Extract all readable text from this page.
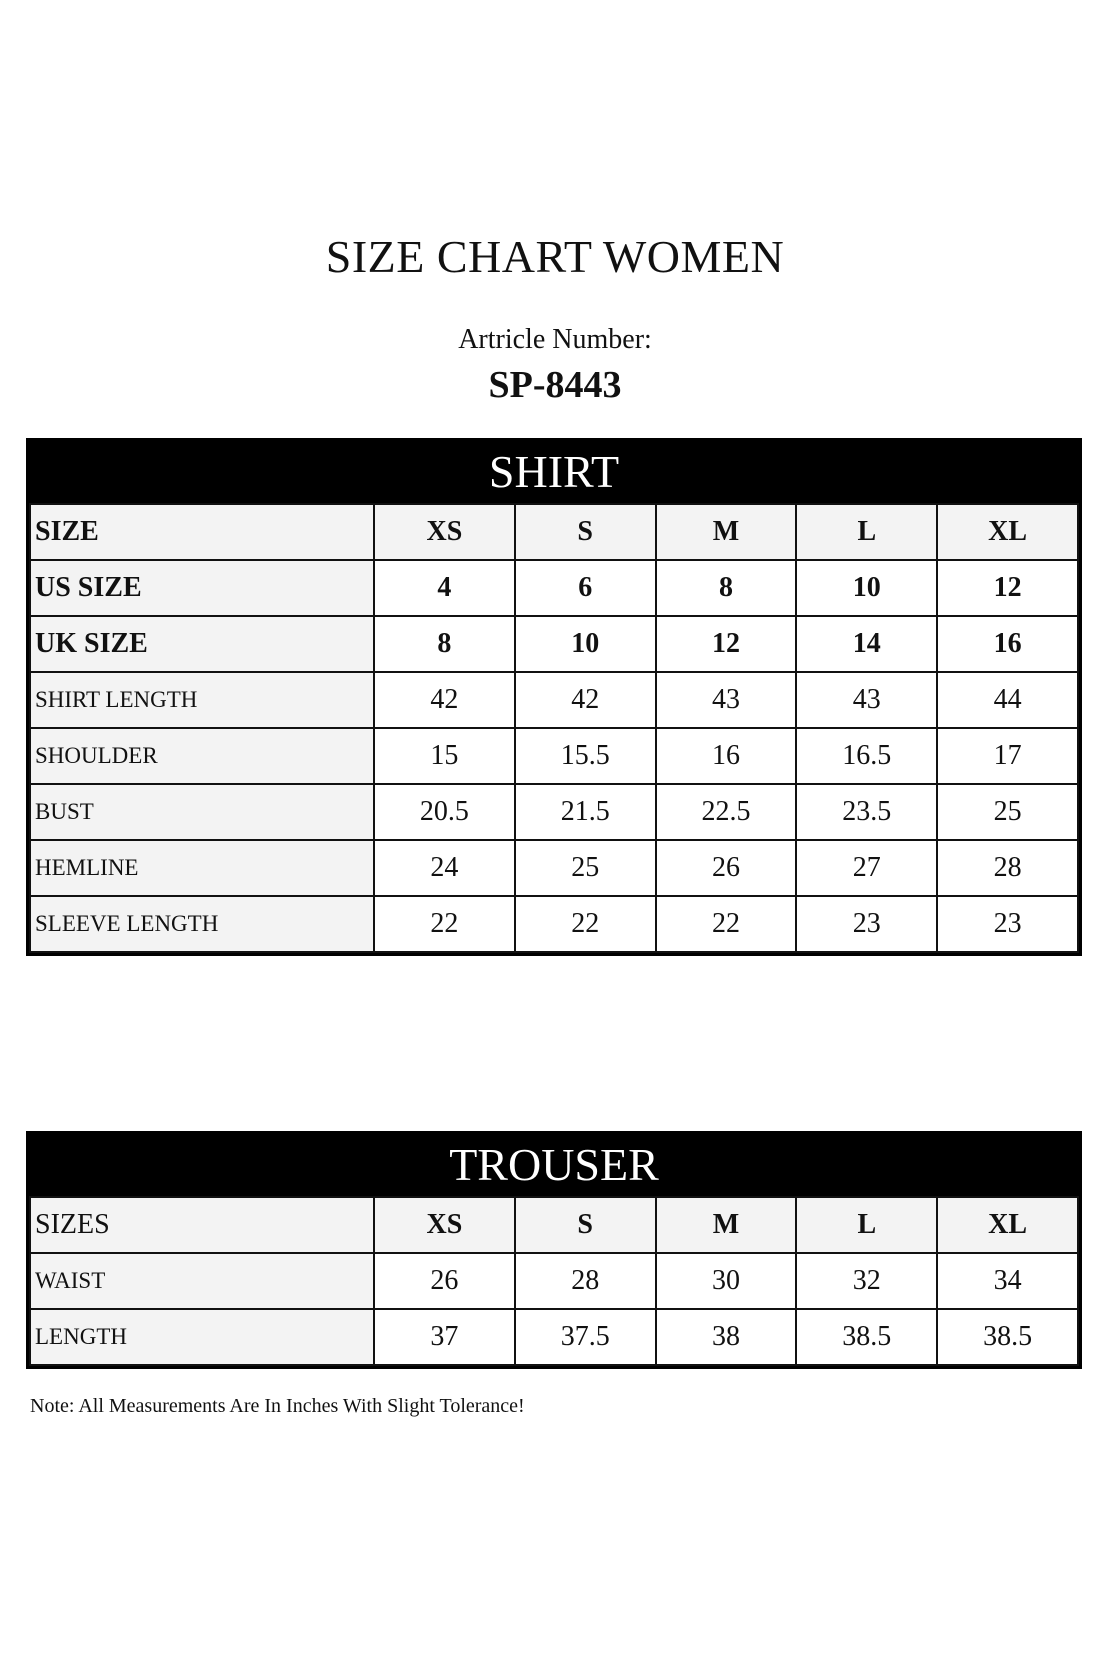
SIZE CHART WOMEN
Artricle Number:
SP-8443
SHIRT
SIZE	XS	S	M	L	XL
US SIZE	4	6	8	10	12
UK SIZE	8	10	12	14	16
SHIRT LENGTH	42	42	43	43	44
SHOULDER	15	15.5	16	16.5	17
BUST	20.5	21.5	22.5	23.5	25
HEMLINE	24	25	26	27	28
SLEEVE LENGTH	22	22	22	23	23
TROUSER
SIZES	XS	S	M	L	XL
WAIST	26	28	30	32	34
LENGTH	37	37.5	38	38.5	38.5
Note: All Measurements Are In Inches With Slight Tolerance!
